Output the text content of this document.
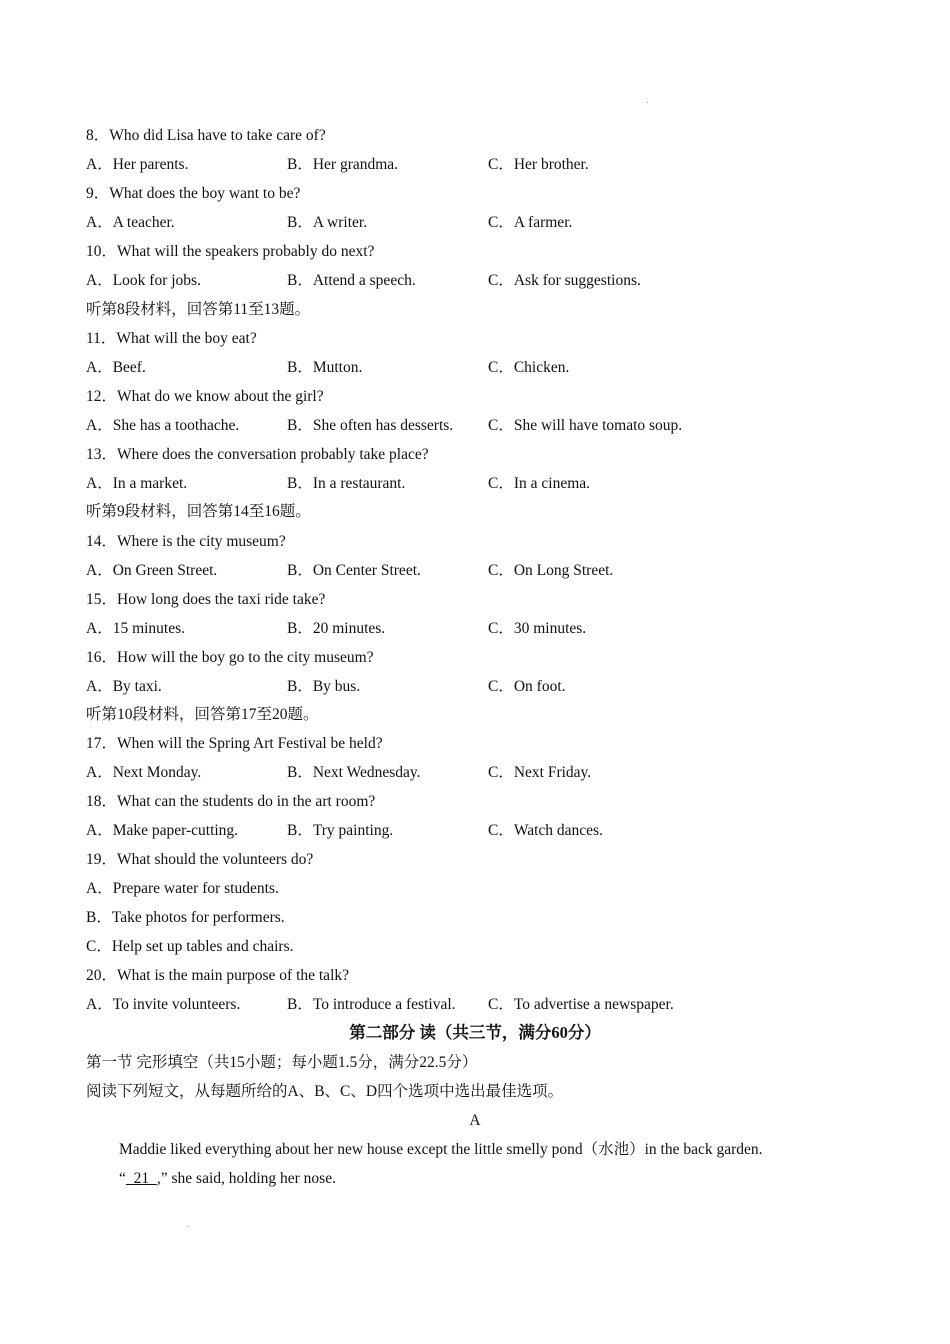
8．Who did Lisa have to take care of?
A．Her parents.	B．Her grandma.	C．Her brother.
9．What does the boy want to be?
A．A teacher.	B．A writer.	C．A farmer.
10．What will the speakers probably do next?
A．Look for jobs.	B．Attend a speech.	C．Ask for suggestions.
听第8段材料，回答第11至13题。
11．What will the boy eat?
A．Beef.	B．Mutton.	C．Chicken.
12．What do we know about the girl?
A．She has a toothache.	B．She often has desserts. C．She will have tomato soup.
13．Where does the conversation probably take place?
A．In a market.	B．In a restaurant.	C．In a cinema.
听第9段材料，回答第14至16题。
14．Where is the city museum?
A．On Green Street.	B．On Center Street.	C．On Long Street.
15．How long does the taxi ride take?
A．15 minutes.	B．20 minutes.	C．30 minutes.
16．How will the boy go to the city museum?
A．By taxi.	B．By bus.	C．On foot.
听第10段材料，回答第17至20题。
17．When will the Spring Art Festival be held?
A．Next Monday.	B．Next Wednesday.	C．Next Friday.
18．What can the students do in the art room?
A．Make paper-cutting.	B．Try painting.	C．Watch dances.
19．What should the volunteers do?
A．Prepare water for students.
B．Take photos for performers.
C．Help set up tables and chairs.
20．What is the main purpose of the talk?
A．To invite volunteers.	B．To introduce a festival. C．To advertise a newspaper.
第二部分 读（共三节，满分60分）
第一节 完形填空（共15小题；每小题1.5分，满分22.5分）
阅读下列短文，从每题所给的A、B、C、D四个选项中选出最佳选项。
A
Maddie liked everything about her new house except the little smelly pond（水池）in the back garden.
“  21  ,” she said, holding her nose.
